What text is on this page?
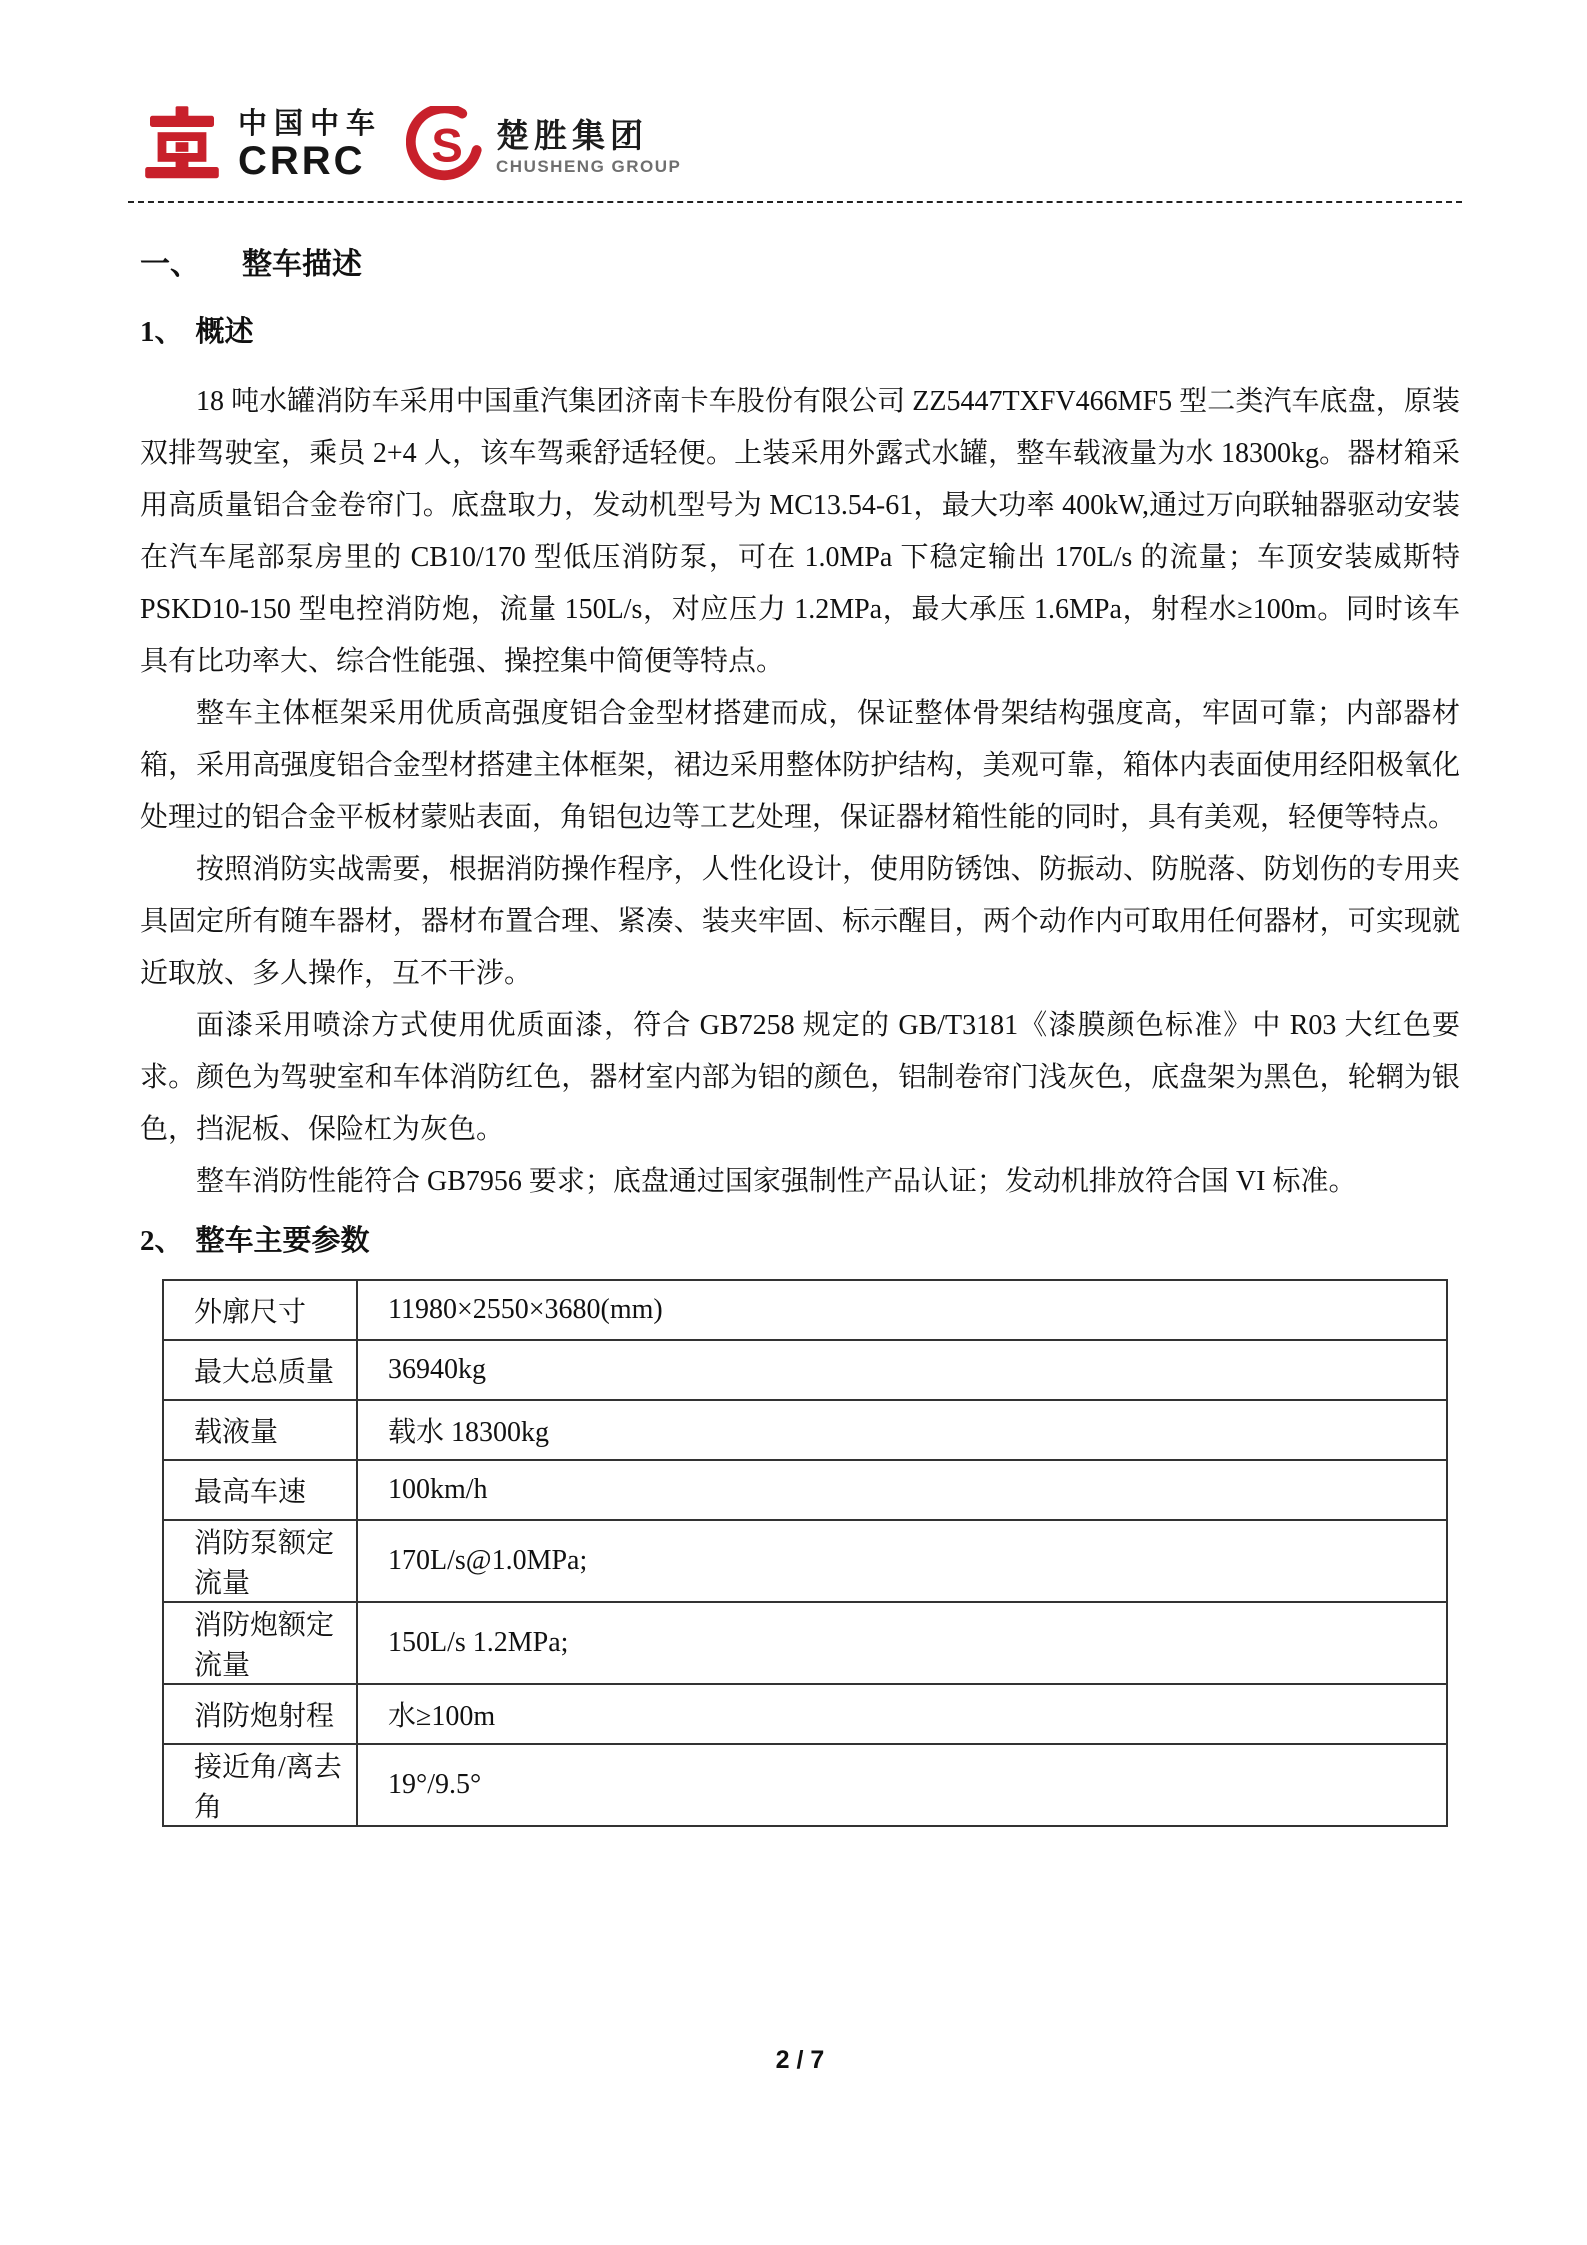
中国中车
CRRC S 楚胜集团
CHUSHENG GROUP
一、 整车描述
1、 概述

18 吨水罐消防车采用中国重汽集团济南卡车股份有限公司 ZZ5447TXFV466MF5 型二类汽车底盘，原装双排驾驶室，乘员 2+4 人，该车驾乘舒适轻便。上装采用外露式水罐，整车载液量为水 18300kg。器材箱采用高质量铝合金卷帘门。底盘取力，发动机型号为 MC13.54-61，最大功率 400kW,通过万向联轴器驱动安装在汽车尾部泵房里的 CB10/170 型低压消防泵，可在 1.0MPa 下稳定输出 170L/s 的流量；车顶安装威斯特 PSKD10-150 型电控消防炮，流量 150L/s，对应压力 1.2MPa，最大承压 1.6MPa，射程水≥100m。同时该车具有比功率大、综合性能强、操控集中简便等特点。

整车主体框架采用优质高强度铝合金型材搭建而成，保证整体骨架结构强度高，牢固可靠；内部器材箱，采用高强度铝合金型材搭建主体框架，裙边采用整体防护结构，美观可靠，箱体内表面使用经阳极氧化处理过的铝合金平板材蒙贴表面，角铝包边等工艺处理，保证器材箱性能的同时，具有美观，轻便等特点。

按照消防实战需要，根据消防操作程序，人性化设计，使用防锈蚀、防振动、防脱落、防划伤的专用夹具固定所有随车器材，器材布置合理、紧凑、装夹牢固、标示醒目，两个动作内可取用任何器材，可实现就近取放、多人操作，互不干涉。

面漆采用喷涂方式使用优质面漆，符合 GB7258 规定的 GB/T3181《漆膜颜色标准》中 R03 大红色要求。颜色为驾驶室和车体消防红色，器材室内部为铝的颜色，铝制卷帘门浅灰色，底盘架为黑色，轮辋为银色，挡泥板、保险杠为灰色。

整车消防性能符合 GB7956 要求；底盘通过国家强制性产品认证；发动机排放符合国 VI 标准。

2、 整车主要参数
外廓尺寸	11980×2550×3680(mm)
最大总质量	36940kg
载液量	载水 18300kg
最高车速	100km/h
消防泵额定流量	170L/s@1.0MPa;
消防炮额定流量	150L/s 1.2MPa;
消防炮射程	水≥100m
接近角/离去角	19°/9.5°
2 / 7
